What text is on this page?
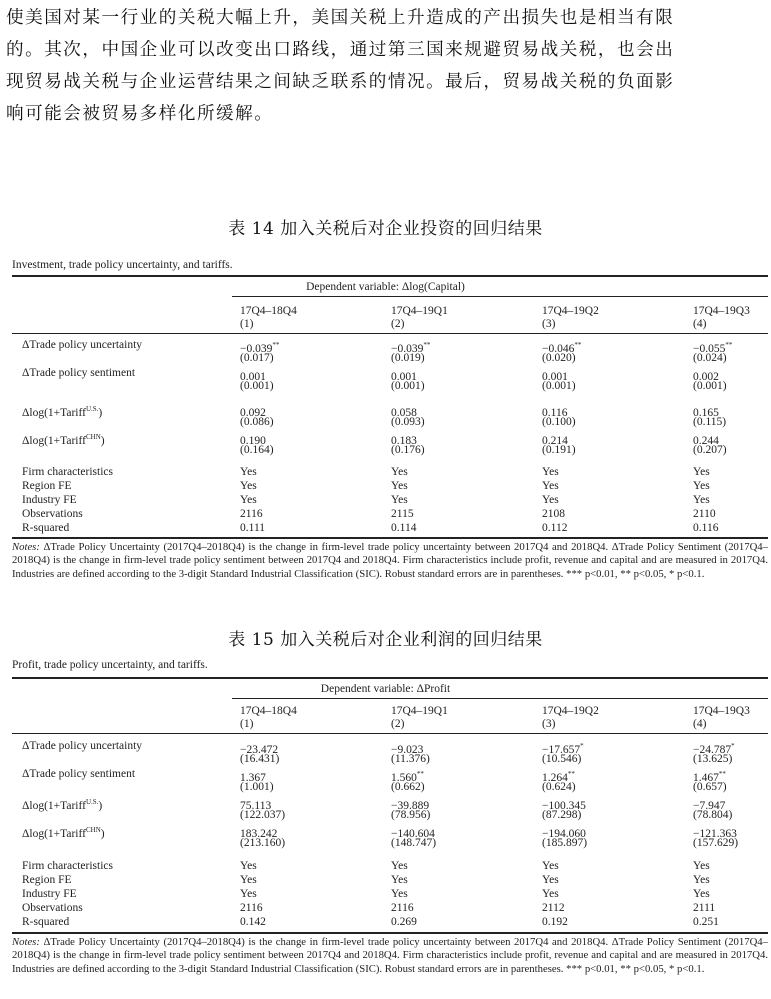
使美国对某一行业的关税大幅上升，美国关税上升造成的产出损失也是相当有限
的。其次，中国企业可以改变出口路线，通过第三国来规避贸易战关税，也会出
现贸易战关税与企业运营结果之间缺乏联系的情况。最后，贸易战关税的负面影
响可能会被贸易多样化所缓解。
表 14 加入关税后对企业投资的回归结果
Investment, trade policy uncertainty, and tariffs.
Dependent variable: Δlog(Capital)
17Q4–18Q4	17Q4–19Q1	17Q4–19Q2	17Q4–19Q3
(1)	(2)	(3)	(4)
ΔTrade policy uncertainty	−0.039**	−0.039**	−0.046**	−0.055**
(0.017)	(0.019)	(0.020)	(0.024)
ΔTrade policy sentiment	0.001	0.001	0.001	0.002
(0.001)	(0.001)	(0.001)	(0.001)
Δlog(1+Tariff$^{U.S.}$)	0.092	0.058	0.116	0.165
(0.086)	(0.093)	(0.100)	(0.115)
Δlog(1+Tariff$^{CHN}$)	0.190	0.183	0.214	0.244
(0.164)	(0.176)	(0.191)	(0.207)
Firm characteristics	Yes	Yes	Yes	Yes
Region FE	Yes	Yes	Yes	Yes
Industry FE	Yes	Yes	Yes	Yes
Observations	2116	2115	2108	2110
R-squared	0.111	0.114	0.112	0.116

Notes: ΔTrade Policy Uncertainty (2017Q4–2018Q4) is the change in firm-level trade policy uncertainty between 2017Q4 and 2018Q4. ΔTrade Policy Sentiment (2017Q4–2018Q4) is the change in firm-level trade policy sentiment between 2017Q4 and 2018Q4. Firm characteristics include profit, revenue and capital and are measured in 2017Q4. Industries are defined according to the 3-digit Standard Industrial Classification (SIC). Robust standard errors are in parentheses. *** p<0.01, ** p<0.05, * p<0.1.

表 15 加入关税后对企业利润的回归结果
Profit, trade policy uncertainty, and tariffs.
Dependent variable: ΔProfit
17Q4–18Q4	17Q4–19Q1	17Q4–19Q2	17Q4–19Q3
(1)	(2)	(3)	(4)
ΔTrade policy uncertainty	−23.472	−9.023	−17.657*	−24.787*
(16.431)	(11.376)	(10.546)	(13.625)
ΔTrade policy sentiment	1.367	1.560**	1.264**	1.467**
(1.001)	(0.662)	(0.624)	(0.657)
Δlog(1+Tariff$^{U.S.}$)	75.113	−39.889	−100.345	−7.947
(122.037)	(78.956)	(87.298)	(78.804)
Δlog(1+Tariff$^{CHN}$)	183.242	−140.604	−194.060	−121.363
(213.160)	(148.747)	(185.897)	(157.629)
Firm characteristics	Yes	Yes	Yes	Yes
Region FE	Yes	Yes	Yes	Yes
Industry FE	Yes	Yes	Yes	Yes
Observations	2116	2116	2112	2111
R-squared	0.142	0.269	0.192	0.251

Notes: ΔTrade Policy Uncertainty (2017Q4–2018Q4) is the change in firm-level trade policy uncertainty between 2017Q4 and 2018Q4. ΔTrade Policy Sentiment (2017Q4–2018Q4) is the change in firm-level trade policy sentiment between 2017Q4 and 2018Q4. Firm characteristics include profit, revenue and capital and are measured in 2017Q4. Industries are defined according to the 3-digit Standard Industrial Classification (SIC). Robust standard errors are in parentheses. *** p<0.01, ** p<0.05, * p<0.1.
